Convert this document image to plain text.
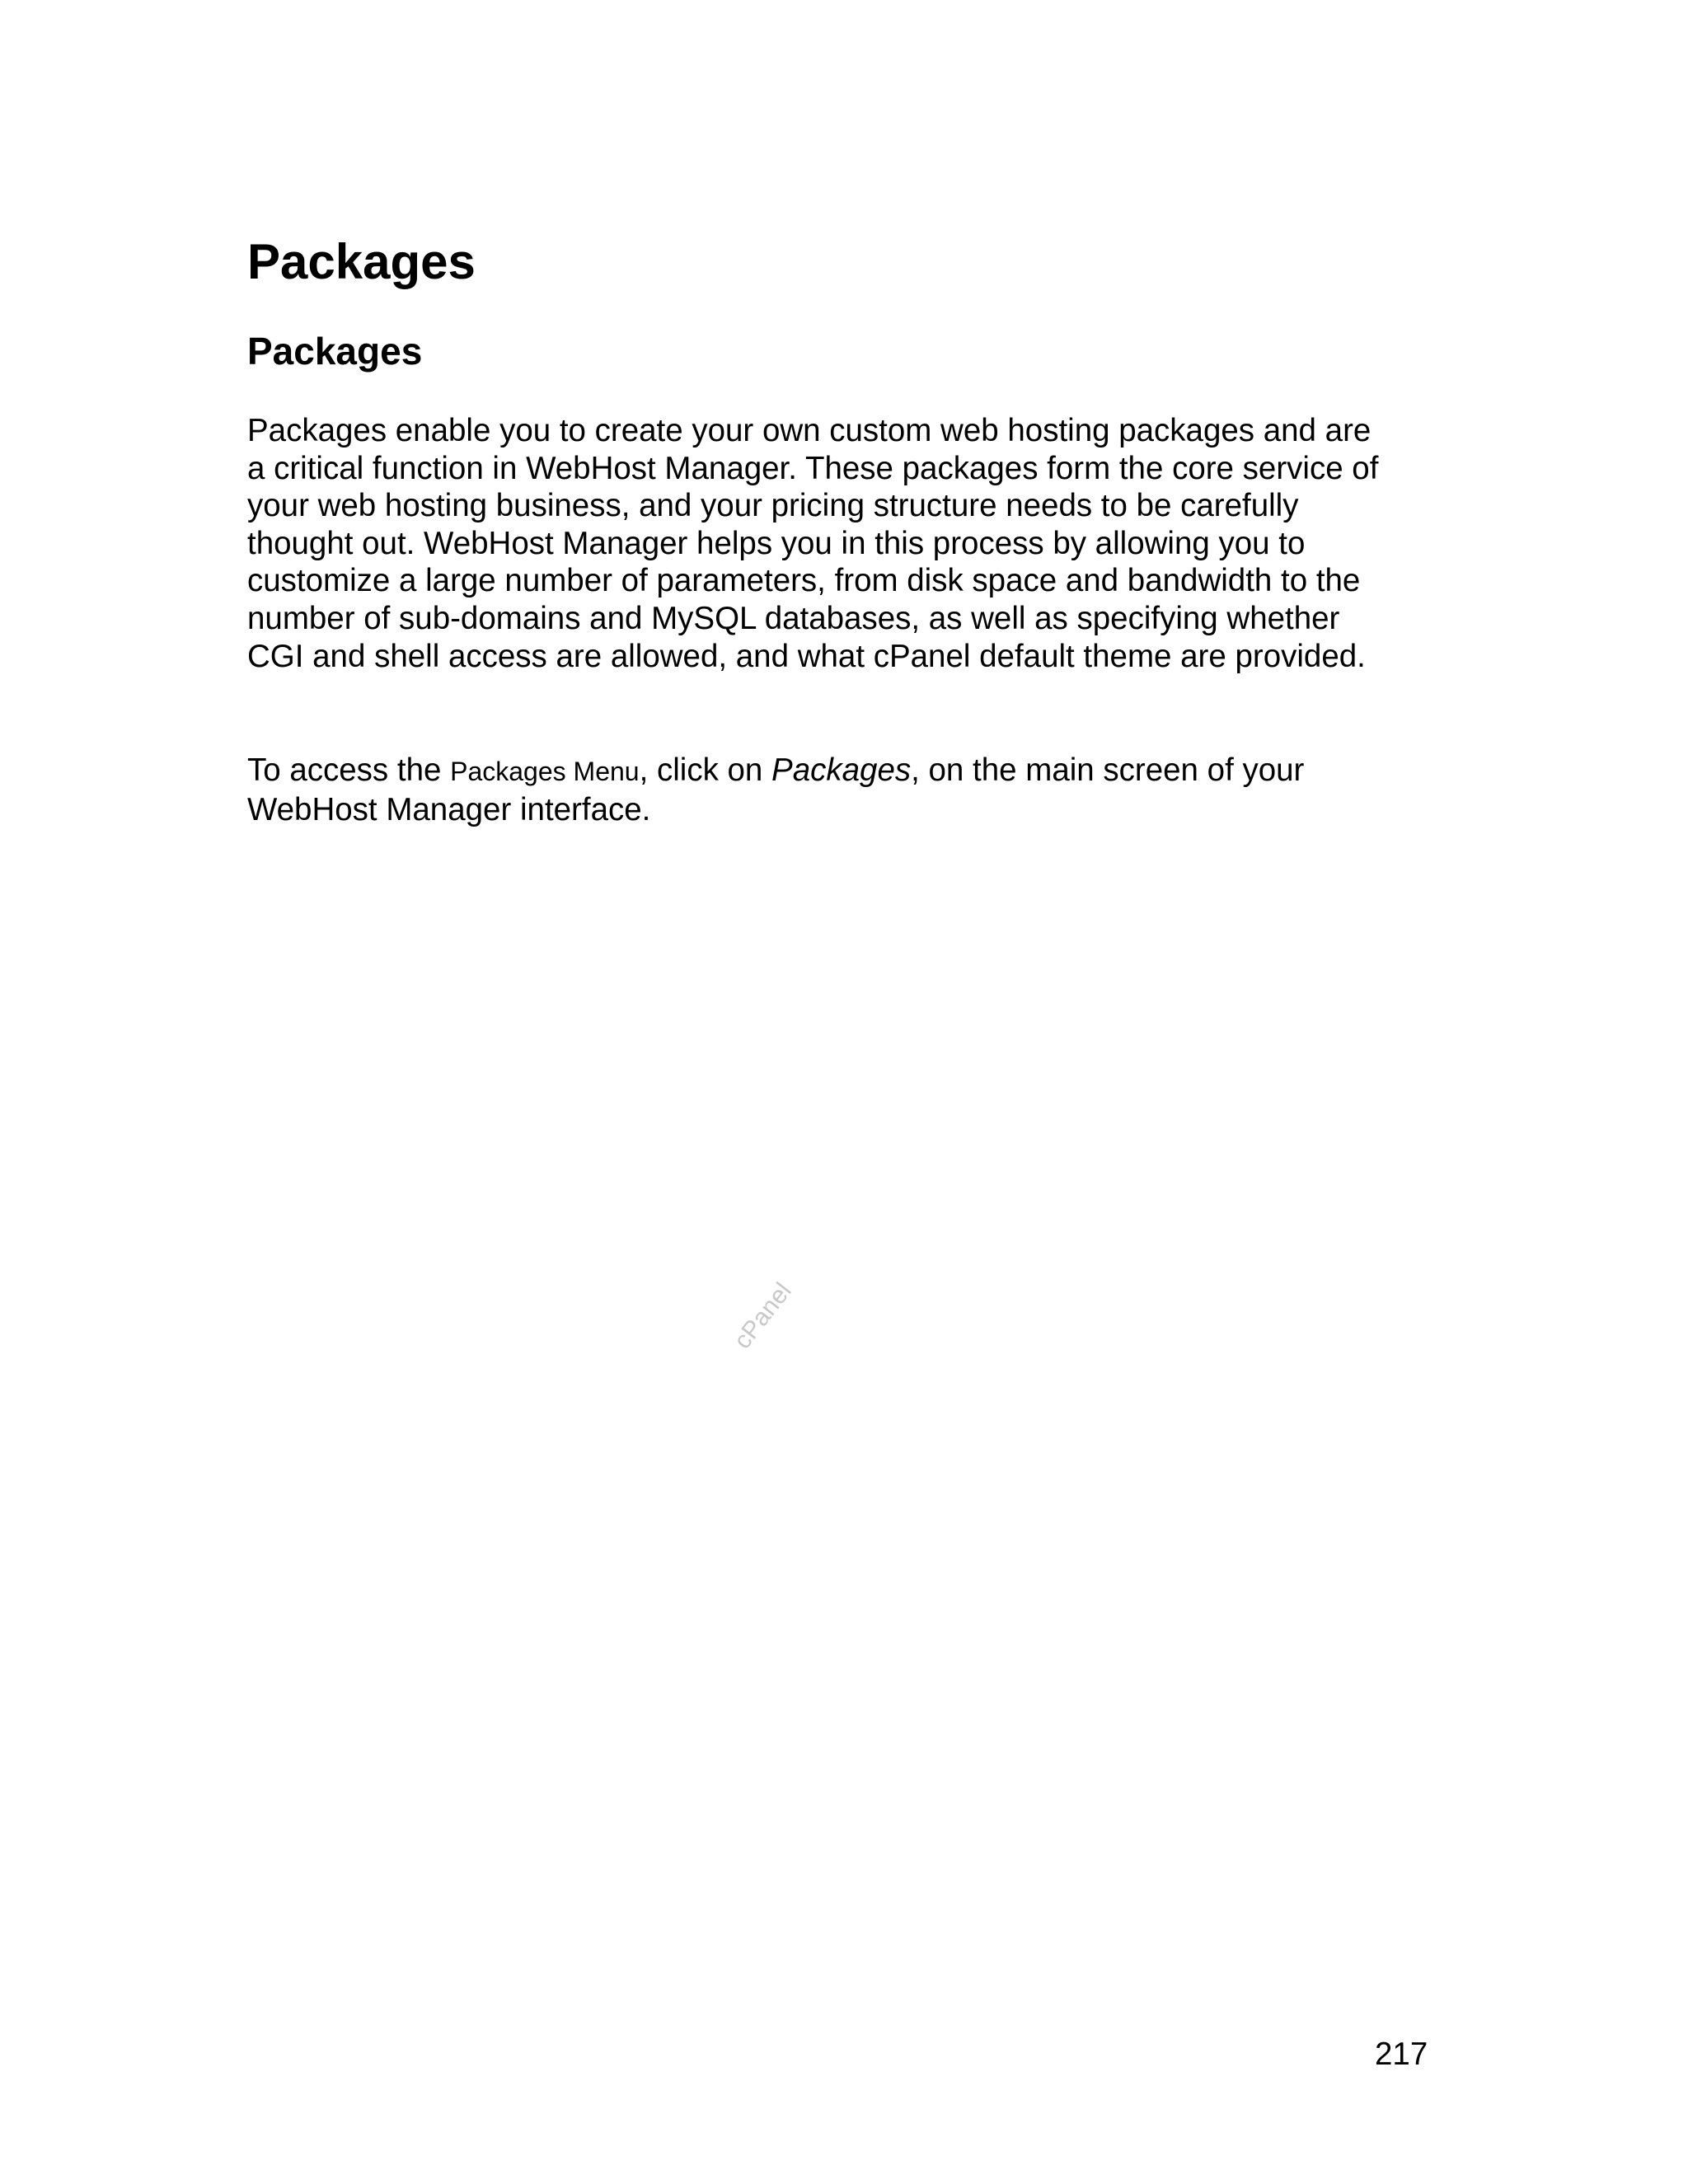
Packages
Packages

Packages enable you to create your own custom web hosting packages and are
a critical function in WebHost Manager. These packages form the core service of
your web hosting business, and your pricing structure needs to be carefully
thought out. WebHost Manager helps you in this process by allowing you to
customize a large number of parameters, from disk space and bandwidth to the
number of sub-domains and MySQL databases, as well as specifying whether
CGI and shell access are allowed, and what cPanel default theme are provided.

To access the Packages Menu, click on Packages, on the main screen of your
WebHost Manager interface.

cPanel

217
